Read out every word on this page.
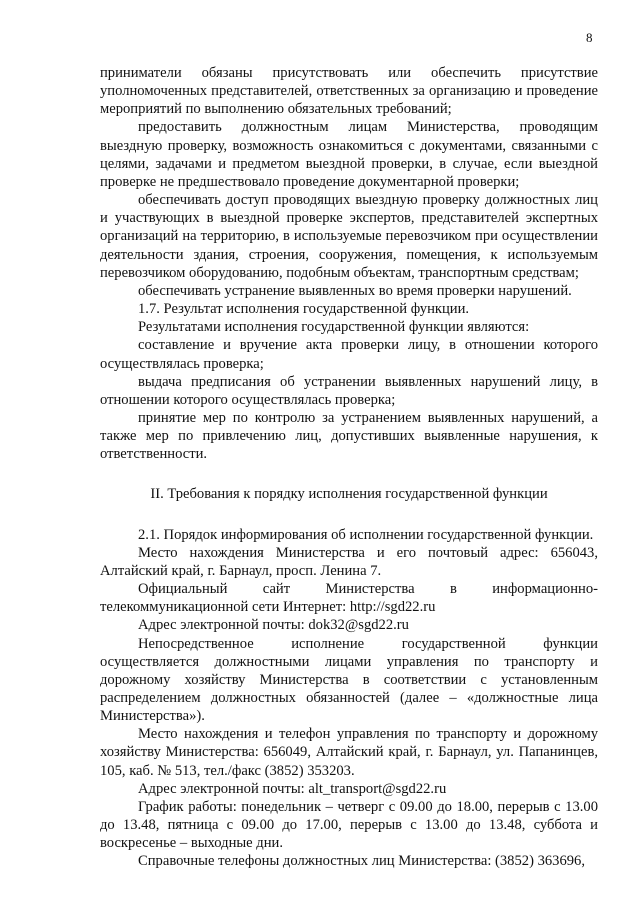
8

приниматели обязаны присутствовать или обеспечить присутствие уполномоченных представителей, ответственных за организацию и проведение мероприятий по выполнению обязательных требований;

предоставить должностным лицам Министерства, проводящим выездную проверку, возможность ознакомиться с документами, связанными с целями, задачами и предметом выездной проверки, в случае, если выездной проверке не предшествовало проведение документарной проверки;

обеспечивать доступ проводящих выездную проверку должностных лиц и участвующих в выездной проверке экспертов, представителей экспертных организаций на территорию, в используемые перевозчиком при осуществлении деятельности здания, строения, сооружения, помещения, к используемым перевозчиком оборудованию, подобным объектам, транспортным средствам;

обеспечивать устранение выявленных во время проверки нарушений.

1.7. Результат исполнения государственной функции.

Результатами исполнения государственной функции являются:

составление и вручение акта проверки лицу, в отношении которого осуществлялась проверка;

выдача предписания об устранении выявленных нарушений лицу, в отношении которого осуществлялась проверка;

принятие мер по контролю за устранением выявленных нарушений, а также мер по привлечению лиц, допустивших выявленные нарушения, к ответственности.

II. Требования к порядку исполнения государственной функции

2.1. Порядок информирования об исполнении государственной функции.

Место нахождения Министерства и его почтовый адрес: 656043, Алтайский край, г. Барнаул, просп. Ленина 7.

Официальный сайт Министерства в информационно-телекоммуникационной сети Интернет: http://sgd22.ru

Адрес электронной почты: dok32@sgd22.ru

Непосредственное исполнение государственной функции осуществляется должностными лицами управления по транспорту и дорожному хозяйству Министерства в соответствии с установленным распределением должностных обязанностей (далее – «должностные лица Министерства»).

Место нахождения и телефон управления по транспорту и дорожному хозяйству Министерства: 656049, Алтайский край, г. Барнаул, ул. Папанинцев, 105, каб. № 513, тел./факс (3852) 353203.

Адрес электронной почты: alt_transport@sgd22.ru

График работы: понедельник – четверг с 09.00 до 18.00, перерыв с 13.00 до 13.48, пятница с 09.00 до 17.00, перерыв с 13.00 до 13.48, суббота и воскресенье – выходные дни.

Справочные телефоны должностных лиц Министерства: (3852) 363696,
